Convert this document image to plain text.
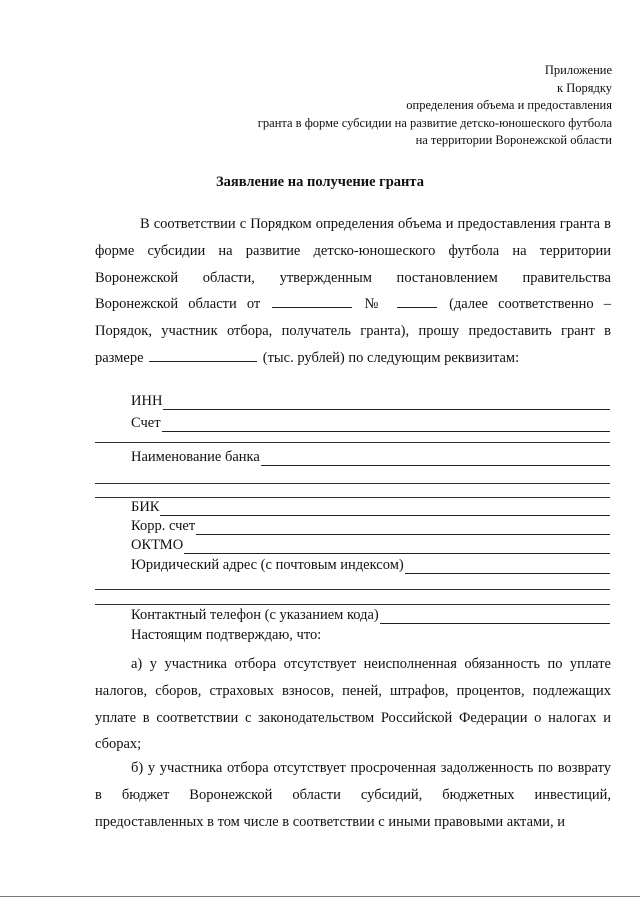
Приложение
к Порядку
определения объема и предоставления
гранта в форме субсидии на развитие детско-юношеского футбола
на территории Воронежской области
Заявление на получение гранта

В соответствии с Порядком определения объема и предоставления гранта в форме субсидии на развитие детско-юношеского футбола на территории Воронежской области, утвержденным постановлением правительства Воронежской области от	№	(далее соответственно – Порядок, участник отбора, получатель гранта), прошу предоставить грант в размере	(тыс. рублей) по следующим реквизитам:

ИНН
Счет
Наименование банка
БИК
Корр. счет
ОКТМО
Юридический адрес (с почтовым индексом)
Контактный телефон (с указанием кода)
Настоящим подтверждаю, что:

а) у участника отбора отсутствует неисполненная обязанность по уплате налогов, сборов, страховых взносов, пеней, штрафов, процентов, подлежащих уплате в соответствии с законодательством Российской Федерации о налогах и сборах;

б) у участника отбора отсутствует просроченная задолженность по возврату в бюджет Воронежской области субсидий, бюджетных инвестиций, предоставленных в том числе в соответствии с иными правовыми актами, и
